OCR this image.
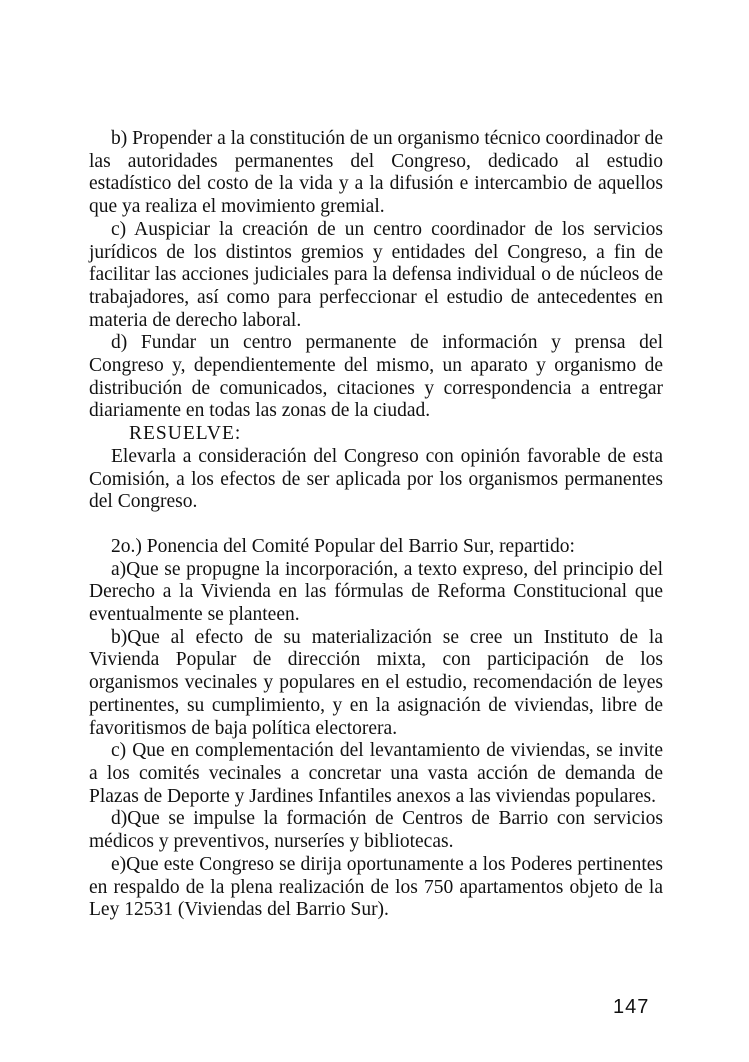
b) Propender a la constitución de un organismo técnico coordinador de las autoridades permanentes del Congreso, dedicado al estudio estadístico del costo de la vida y a la difusión e intercambio de aquellos que ya realiza el movimiento gremial.

c) Auspiciar la creación de un centro coordinador de los servicios jurídicos de los distintos gremios y entidades del Congreso, a fin de facilitar las acciones judiciales para la defensa individual o de núcleos de trabajadores, así como para perfeccionar el estudio de antecedentes en materia de derecho laboral.

d) Fundar un centro permanente de información y prensa del Congreso y, dependientemente del mismo, un aparato y organismo de distribución de comunicados, citaciones y correspondencia a entregar diariamente en todas las zonas de la ciudad.

RESUELVE:

Elevarla a consideración del Congreso con opinión favorable de esta Comisión, a los efectos de ser aplicada por los organismos permanentes del Congreso.

2o.) Ponencia del Comité Popular del Barrio Sur, repartido:

a)Que se propugne la incorporación, a texto expreso, del principio del Derecho a la Vivienda en las fórmulas de Reforma Constitucional que eventualmente se planteen.

b)Que al efecto de su materialización se cree un Instituto de la Vivienda Popular de dirección mixta, con participación de los organismos vecinales y populares en el estudio, recomendación de leyes pertinentes, su cumplimiento, y en la asignación de viviendas, libre de favoritismos de baja política electorera.

c) Que en complementación del levantamiento de viviendas, se invite a los comités vecinales a concretar una vasta acción de demanda de Plazas de Deporte y Jardines Infantiles anexos a las viviendas populares.

d)Que se impulse la formación de Centros de Barrio con servicios médicos y preventivos, nurseríes y bibliotecas.

e)Que este Congreso se dirija oportunamente a los Poderes pertinentes en respaldo de la plena realización de los 750 apartamentos objeto de la Ley 12531 (Viviendas del Barrio Sur).

147
